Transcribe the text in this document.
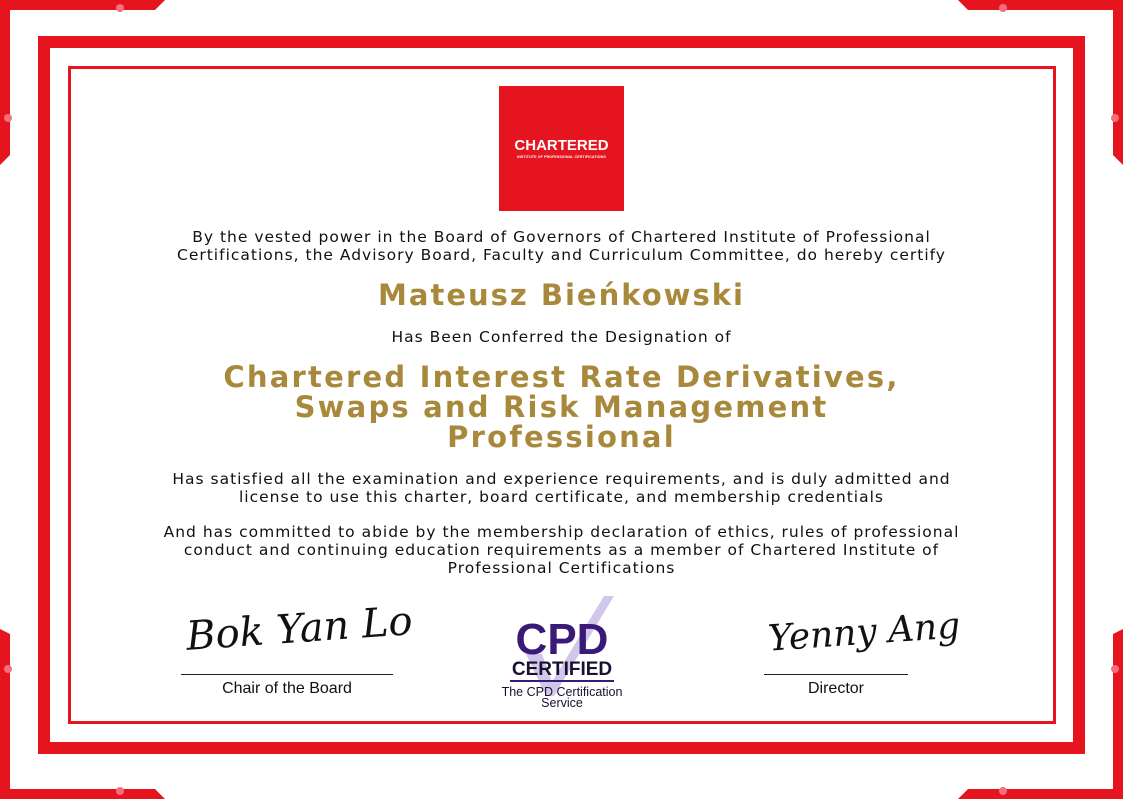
CHARTERED
INSTITUTE OF PROFESSIONAL CERTIFICATIONS
By the vested power in the Board of Governors of Chartered Institute of Professional
Certifications, the Advisory Board, Faculty and Curriculum Committee, do hereby certify
Mateusz Bieńkowski
Has Been Conferred the Designation of
Chartered Interest Rate Derivatives,
Swaps and Risk Management
Professional
Has satisfied all the examination and experience requirements, and is duly admitted and
license to use this charter, board certificate, and membership credentials
And has committed to abide by the membership declaration of ethics, rules of professional
conduct and continuing education requirements as a member of Chartered Institute of
Professional Certifications
Bok Yan Lo
Chair of the Board
Yenny Ang
Director
CPD
CERTIFIED
The CPD Certification
Service
